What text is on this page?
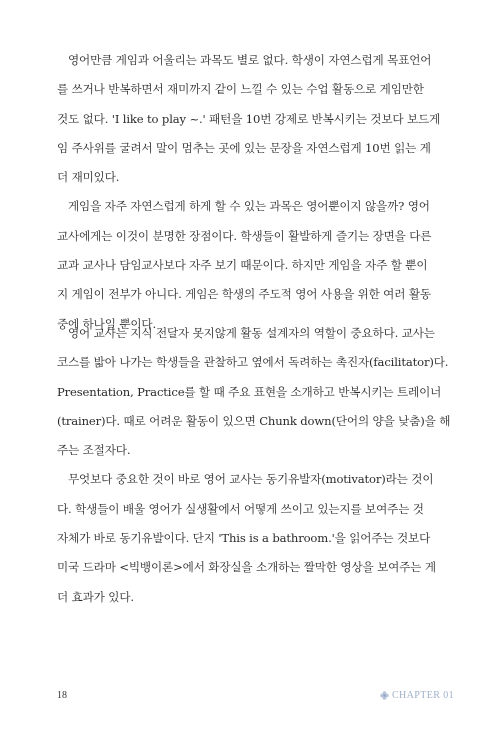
영어만큼 게임과 어울리는 과목도 별로 없다. 학생이 자연스럽게 목표언어
를 쓰거나 반복하면서 재미까지 같이 느낄 수 있는 수업 활동으로 게임만한
것도 없다. 'I like to play ~.' 패턴을 10번 강제로 반복시키는 것보다 보드게
임 주사위를 굴려서 말이 멈추는 곳에 있는 문장을 자연스럽게 10번 읽는 게
더 재미있다.

게임을 자주 자연스럽게 하게 할 수 있는 과목은 영어뿐이지 않을까? 영어
교사에게는 이것이 분명한 장점이다. 학생들이 활발하게 즐기는 장면을 다른
교과 교사나 담임교사보다 자주 보기 때문이다. 하지만 게임을 자주 할 뿐이
지 게임이 전부가 아니다. 게임은 학생의 주도적 영어 사용을 위한 여러 활동
중에 하나일 뿐이다.

영어 교사는 지식 전달자 못지않게 활동 설계자의 역할이 중요하다. 교사는
코스를 밟아 나가는 학생들을 관찰하고 옆에서 독려하는 촉진자(facilitator)다.
Presentation, Practice를 할 때 주요 표현을 소개하고 반복시키는 트레이너
(trainer)다. 때로 어려운 활동이 있으면 Chunk down(단어의 양을 낮춤)을 해
주는 조절자다.

무엇보다 중요한 것이 바로 영어 교사는 동기유발자(motivator)라는 것이
다. 학생들이 배울 영어가 실생활에서 어떻게 쓰이고 있는지를 보여주는 것
자체가 바로 동기유발이다. 단지 'This is a bathroom.'을 읽어주는 것보다
미국 드라마 <빅뱅이론>에서 화장실을 소개하는 짤막한 영상을 보여주는 게
더 효과가 있다.

18	CHAPTER 01
